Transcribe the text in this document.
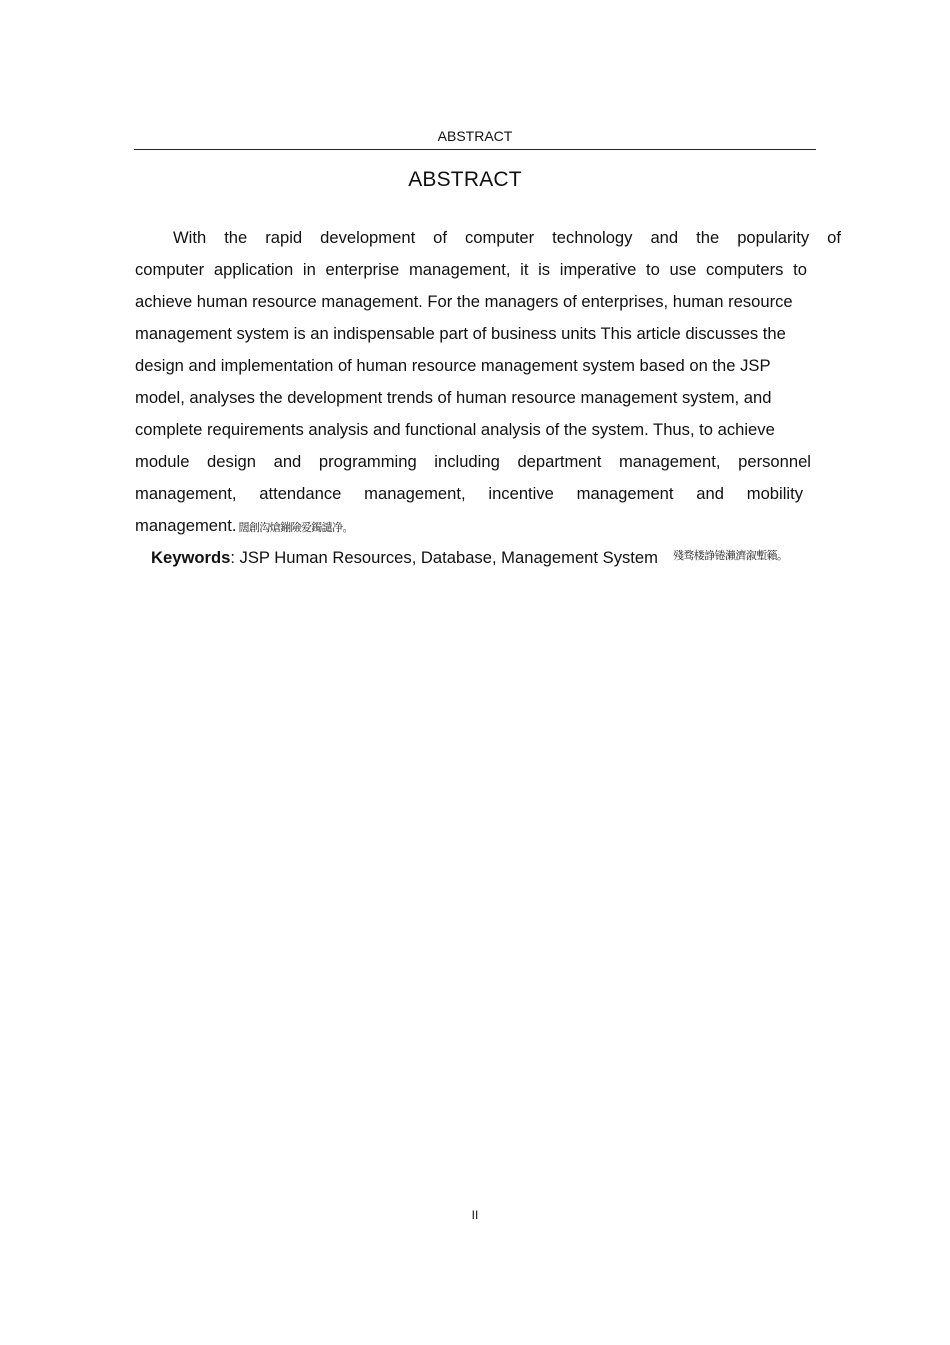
ABSTRACT
ABSTRACT
With the rapid development of computer technology and the popularity of
computer application in enterprise management, it is imperative to use computers to
achieve human resource management. For the managers of enterprises, human resource
management system is an indispensable part of business units This article discusses the
design and implementation of human resource management system based on the JSP
model, analyses the development trends of human resource management system, and
complete requirements analysis and functional analysis of the system. Thus, to achieve
module design and programming including department management, personnel
management, attendance management, incentive management and mobility
management. 闊創沟熗鏰險爱鐲譴净。
Keywords: JSP Human Resources, Database, Management System 殘骛楼諍锩瀨濟溆塹籟。
II
